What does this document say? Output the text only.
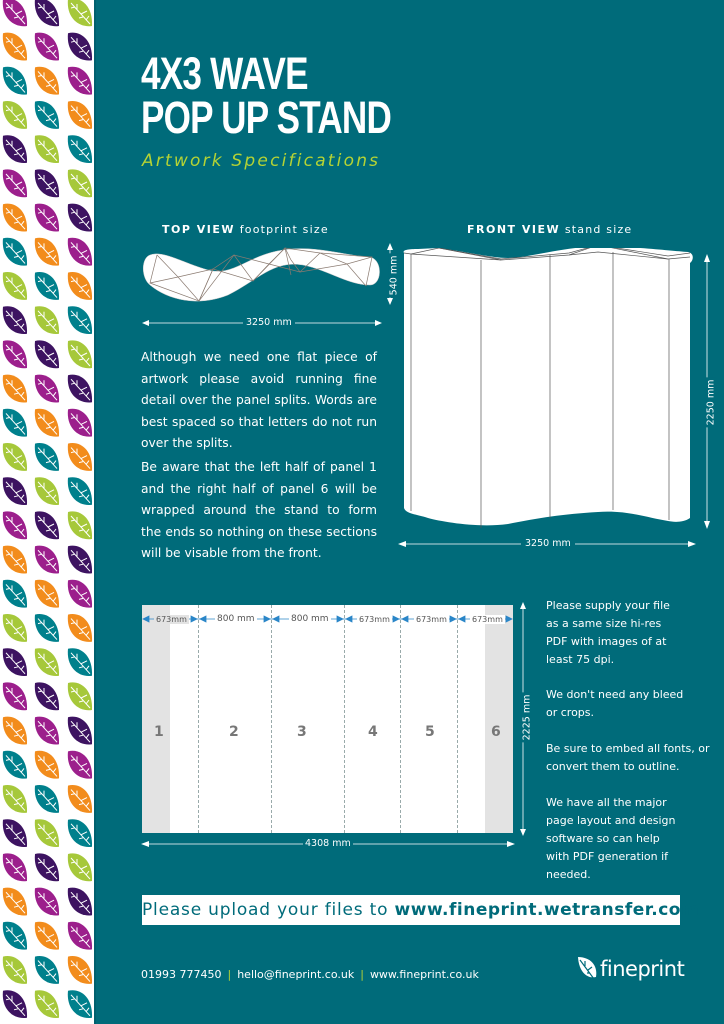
4X3 WAVE
POP UP STAND
Artwork Specifications
TOP VIEW footprint size
3250 mm
FRONT VIEW stand size
540 mm
2250 mm
3250 mm

Although we need one flat piece of artwork please avoid running fine detail over the panel splits. Words are best spaced so that letters do not run over the splits.

Be aware that the left half of panel 1 and the right half of panel 6 will be wrapped around the stand to form the ends so nothing on these sections will be visable from the front.

673mm	800 mm	800 mm	673mm	673mm	673mm
1	2	3	4	5	6 2225 mm
4308 mm

Please supply your file as a same size hi-res PDF with images of at least 75 dpi.

We don't need any bleed or crops.

Be sure to embed all fonts, or convert them to outline.

We have all the major page layout and design software so can help with PDF generation if needed.

Please upload your files to www.fineprint.wetransfer.com
01993 777450 | hello@fineprint.co.uk | www.fineprint.co.uk	fineprint
